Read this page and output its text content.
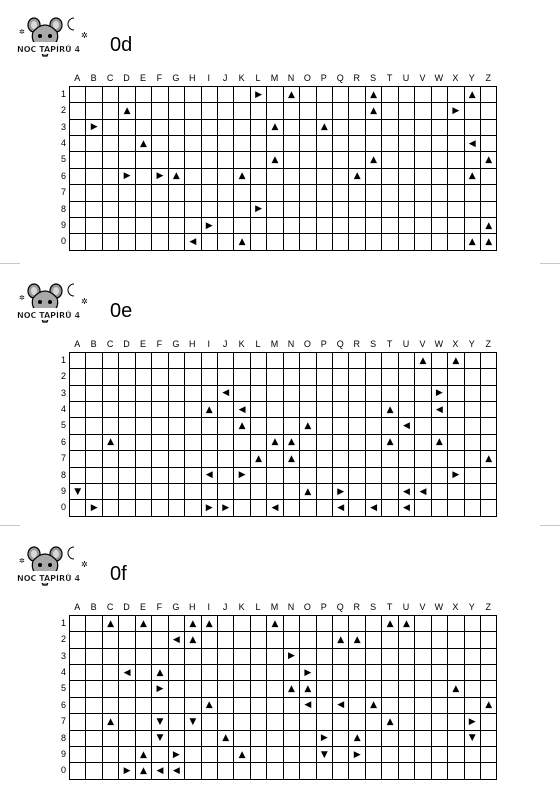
✲
✲
NOC TAPÍRŮ 4 0d
A	B	C	D	E	F	G	H	I	J	K	L	M	N	O	P	Q	R	S	T	U	V	W	X	Y	Z
1
2
3
4
5
6
7
8
9
0
											▶		▲					▲						▲	
			▲															▲					▶		
	▶											▲			▲										
				▲																				◀	
												▲						▲							▲
			▶		▶	▲				▲							▲							▲	

											▶														
								▶																	▲
							◀			▲														▲	▲
✲
✲
NOC TAPÍRŮ 4 0e
A	B	C	D	E	F	G	H	I	J	K	L	M	N	O	P	Q	R	S	T	U	V	W	X	Y	Z
1
2
3
4
5
6
7
8
9
0
																					▲		▲		

									◀													▶			
								▲		◀									▲			◀			
										▲				▲						◀					
		▲										▲	▲						▲			▲			
											▲		▲												▲
								◀		▶													▶		
▼														▲		▶				◀	◀				
	▶							▶	▶			◀				◀		◀		◀					
✲
✲
NOC TAPÍRŮ 4 0f
A	B	C	D	E	F	G	H	I	J	K	L	M	N	O	P	Q	R	S	T	U	V	W	X	Y	Z
1
2
3
4
5
6
7
8
9
0
		▲		▲			▲	▲				▲							▲	▲					
						◀	▲									▲	▲								
													▶												
			◀		▲									▶											
					▶								▲	▲									▲		
								▲						◀		◀		▲							▲
		▲			▼		▼												▲					▶	
					▼				▲						▶		▲							▼	
				▲		▶				▲					▼		▶								
			▶	▲	◀	◀																			
